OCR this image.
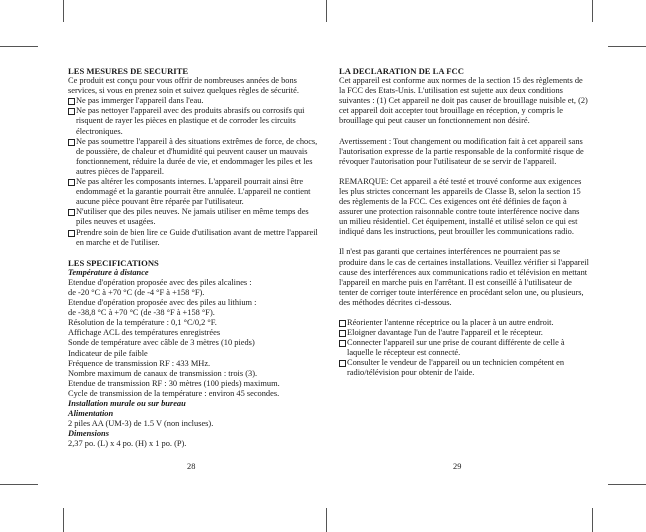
LES MESURES DE SECURITE

Ce produit est conçu pour vous offrir de nombreuses années de bons services, si vous en prenez soin et suivez quelques règles de sécurité.

Ne pas immerger l'appareil dans l'eau.
Ne pas nettoyer l'appareil avec des produits abrasifs ou corrosifs qui risquent de rayer les pièces en plastique et de corroder les circuits électroniques.
Ne pas soumettre l'appareil à des situations extrêmes de force, de chocs, de poussière, de chaleur et d'humidité qui peuvent causer un mauvais fonctionnement, réduire la durée de vie, et endommager les piles et les autres pièces de l'appareil.
Ne pas altérer les composants internes. L'appareil pourrait ainsi être endommagé et la garantie pourrait être annulée. L'appareil ne contient aucune pièce pouvant être réparée par l'utilisateur.
N'utiliser que des piles neuves. Ne jamais utiliser en même temps des piles neuves et usagées.
Prendre soin de bien lire ce Guide d'utilisation avant de mettre l'appareil en marche et de l'utiliser.
LES SPECIFICATIONS

Température à distance

Etendue d'opération proposée avec des piles alcalines :

de -20 °C à +70 °C (de -4 °F à +158 °F).

Etendue d'opération proposée avec des piles au lithium :

de -38,8 °C à +70 °C (de -38 °F à +158 °F).

Résolution de la température : 0,1 °C/0,2 °F.

Affichage ACL des températures enregistrées

Sonde de température avec câble de 3 mètres (10 pieds)

Indicateur de pile faible

Fréquence de transmission RF : 433 MHz.

Nombre maximum de canaux de transmission : trois (3).

Etendue de transmission RF : 30 mètres (100 pieds) maximum.

Cycle de transmission de la température : environ 45 secondes.

Installation murale ou sur bureau

Alimentation

2 piles AA (UM-3) de 1.5 V (non incluses).

Dimensions

2,37 po. (L) x 4 po. (H) x 1 po. (P).

28
LA DECLARATION DE LA FCC

Cet appareil est conforme aux normes de la section 15 des règlements de la FCC des Etats-Unis. L'utilisation est sujette aux deux conditions suivantes : (1) Cet appareil ne doit pas causer de brouillage nuisible et, (2) cet appareil doit accepter tout brouillage en réception, y compris le brouillage qui peut causer un fonctionnement non désiré.

Avertissement : Tout changement ou modification fait à cet appareil sans l'autorisation expresse de la partie responsable de la conformité risque de révoquer l'autorisation pour l'utilisateur de se servir de l'appareil.

REMARQUE: Cet appareil a été testé et trouvé conforme aux exigences les plus strictes concernant les appareils de Classe B, selon la section 15 des règlements de la FCC. Ces exigences ont été définies de façon à assurer une protection raisonnable contre toute interférence nocive dans un milieu résidentiel. Cet équipement, installé et utilisé selon ce qui est indiqué dans les instructions, peut brouiller les communications radio.

Il n'est pas garanti que certaines interférences ne pourraient pas se produire dans le cas de certaines installations. Veuillez vérifier si l'appareil cause des interférences aux communications radio et télévision en mettant l'appareil en marche puis en l'arrêtant. Il est conseillé à l'utilisateur de tenter de corriger toute interférence en procédant selon une, ou plusieurs, des méthodes décrites ci-dessous.

Réorienter l'antenne réceptrice ou la placer à un autre endroit.
Eloigner davantage l'un de l'autre l'appareil et le récepteur.
Connecter l'appareil sur une prise de courant différente de celle à laquelle le récepteur est connecté.
Consulter le vendeur de l'appareil ou un technicien compétent en radio/télévision pour obtenir de l'aide.
29
